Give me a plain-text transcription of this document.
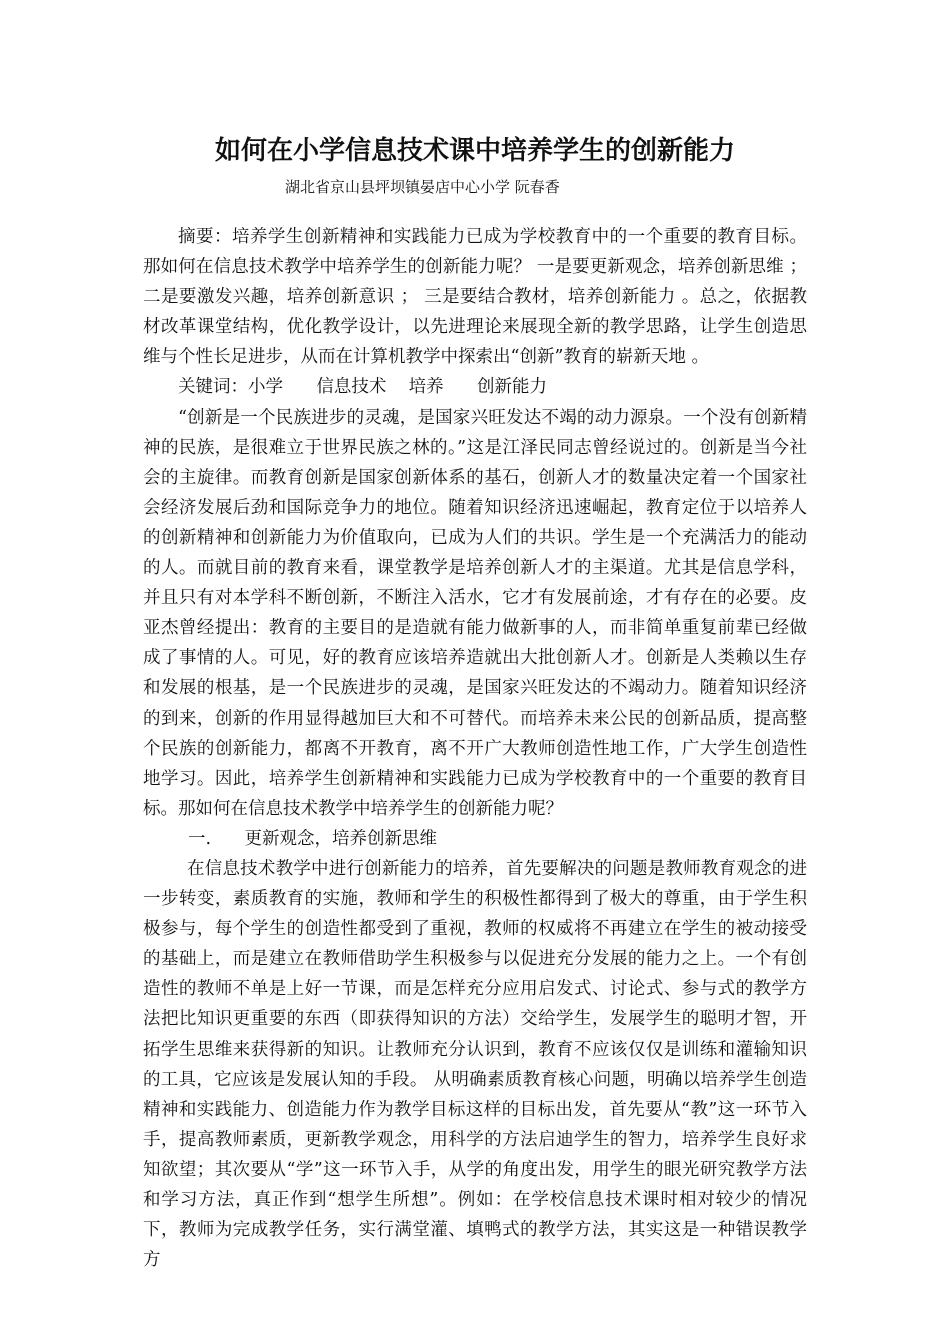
如何在小学信息技术课中培养学生的创新能力

湖北省京山县坪坝镇晏店中心小学 阮春香

摘要：培养学生创新精神和实践能力已成为学校教育中的一个重要的教育目标。那如何在信息技术教学中培养学生的创新能力呢？ 一是要更新观念，培养创新思维 ；二是要激发兴趣，培养创新意识 ； 三是要结合教材，培养创新能力 。总之，依据教材改革课堂结构，优化教学设计，以先进理论来展现全新的教学思路，让学生创造思维与个性长足进步，从而在计算机教学中探索出“创新”教育的崭新天地 。

关键词：小学      信息技术    培养      创新能力

“创新是一个民族进步的灵魂，是国家兴旺发达不竭的动力源泉。一个没有创新精神的民族，是很难立于世界民族之林的。”这是江泽民同志曾经说过的。创新是当今社会的主旋律。而教育创新是国家创新体系的基石，创新人才的数量决定着一个国家社会经济发展后劲和国际竞争力的地位。随着知识经济迅速崛起，教育定位于以培养人的创新精神和创新能力为价值取向，已成为人们的共识。学生是一个充满活力的能动的人。而就目前的教育来看，课堂教学是培养创新人才的主渠道。尤其是信息学科，并且只有对本学科不断创新，不断注入活水，它才有发展前途，才有存在的必要。皮亚杰曾经提出：教育的主要目的是造就有能力做新事的人，而非简单重复前辈已经做成了事情的人。可见，好的教育应该培养造就出大批创新人才。创新是人类赖以生存和发展的根基，是一个民族进步的灵魂，是国家兴旺发达的不竭动力。随着知识经济的到来，创新的作用显得越加巨大和不可替代。而培养未来公民的创新品质，提高整个民族的创新能力，都离不开教育，离不开广大教师创造性地工作，广大学生创造性地学习。因此，培养学生创新精神和实践能力已成为学校教育中的一个重要的教育目标。那如何在信息技术教学中培养学生的创新能力呢？

一.      更新观念，培养创新思维

在信息技术教学中进行创新能力的培养，首先要解决的问题是教师教育观念的进一步转变，素质教育的实施，教师和学生的积极性都得到了极大的尊重，由于学生积极参与，每个学生的创造性都受到了重视，教师的权威将不再建立在学生的被动接受的基础上，而是建立在教师借助学生积极参与以促进充分发展的能力之上。一个有创造性的教师不单是上好一节课，而是怎样充分应用启发式、讨论式、参与式的教学方法把比知识更重要的东西（即获得知识的方法）交给学生，发展学生的聪明才智，开拓学生思维来获得新的知识。让教师充分认识到，教育不应该仅仅是训练和灌输知识的工具，它应该是发展认知的手段。 从明确素质教育核心问题，明确以培养学生创造精神和实践能力、创造能力作为教学目标这样的目标出发，首先要从“教”这一环节入手，提高教师素质，更新教学观念，用科学的方法启迪学生的智力，培养学生良好求知欲望；其次要从“学”这一环节入手，从学的角度出发，用学生的眼光研究教学方法和学习方法，真正作到“想学生所想”。例如：在学校信息技术课时相对较少的情况下，教师为完成教学任务，实行满堂灌、填鸭式的教学方法，其实这是一种错误教学方
